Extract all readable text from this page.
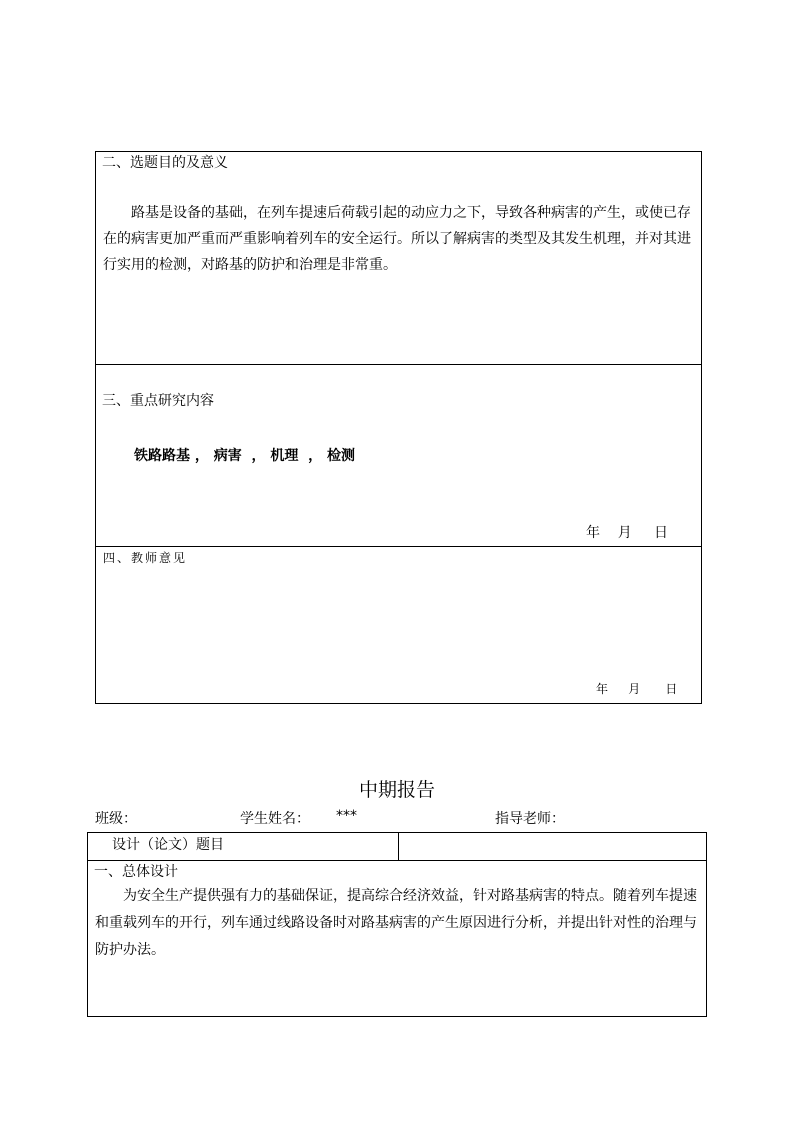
二、选题目的及意义
路基是设备的基础，在列车提速后荷载引起的动应力之下，导致各种病害的产生，或使已存在的病害更加严重而严重影响着列车的安全运行。所以了解病害的类型及其发生机理，并对其进行实用的检测，对路基的防护和治理是非常重。
三、重点研究内容
铁路路基 ， 病害  ， 机理  ， 检测
年    月     日
四、教师意见
年    月     日
中期报告
班级：	学生姓名： ***	指导老师：
设计（论文）题目
一、总体设计
为安全生产提供强有力的基础保证，提高综合经济效益，针对路基病害的特点。随着列车提速和重载列车的开行，列车通过线路设备时对路基病害的产生原因进行分析，并提出针对性的治理与防护办法。
